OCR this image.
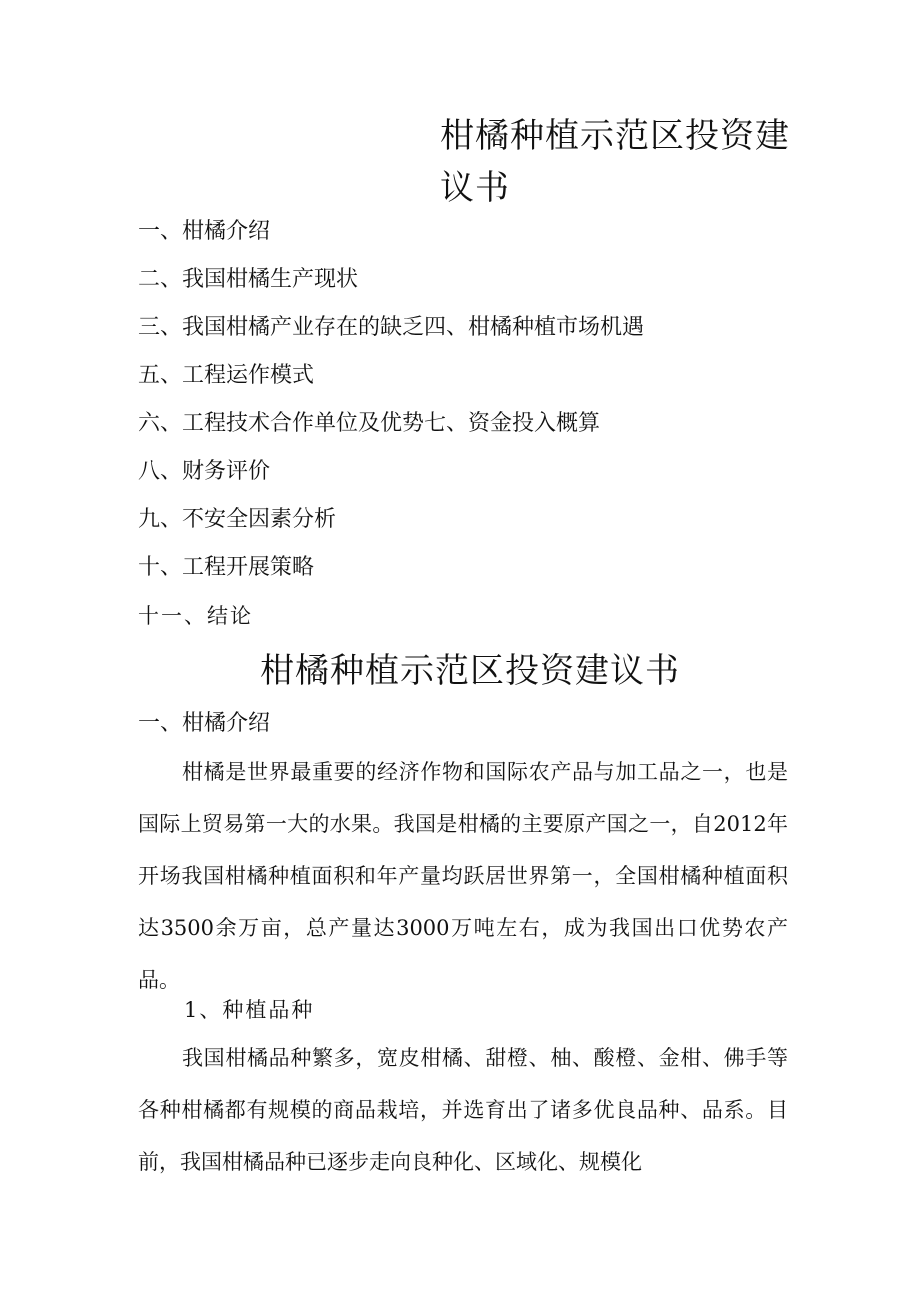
柑橘种植示范区投资建议书
一、柑橘介绍
二、我国柑橘生产现状
三、我国柑橘产业存在的缺乏四、柑橘种植市场机遇
五、工程运作模式
六、工程技术合作单位及优势七、资金投入概算
八、财务评价
九、不安全因素分析
十、工程开展策略
十一、结论
柑橘种植示范区投资建议书
一、柑橘介绍

柑橘是世界最重要的经济作物和国际农产品与加工品之一，也是国际上贸易第一大的水果。我国是柑橘的主要原产国之一，自2012年开场我国柑橘种植面积和年产量均跃居世界第一，全国柑橘种植面积达3500余万亩，总产量达3000万吨左右，成为我国出口优势农产品。

1、种植品种

我国柑橘品种繁多，宽皮柑橘、甜橙、柚、酸橙、金柑、佛手等各种柑橘都有规模的商品栽培，并选育出了诸多优良品种、品系。目前，我国柑橘品种已逐步走向良种化、区域化、规模化
